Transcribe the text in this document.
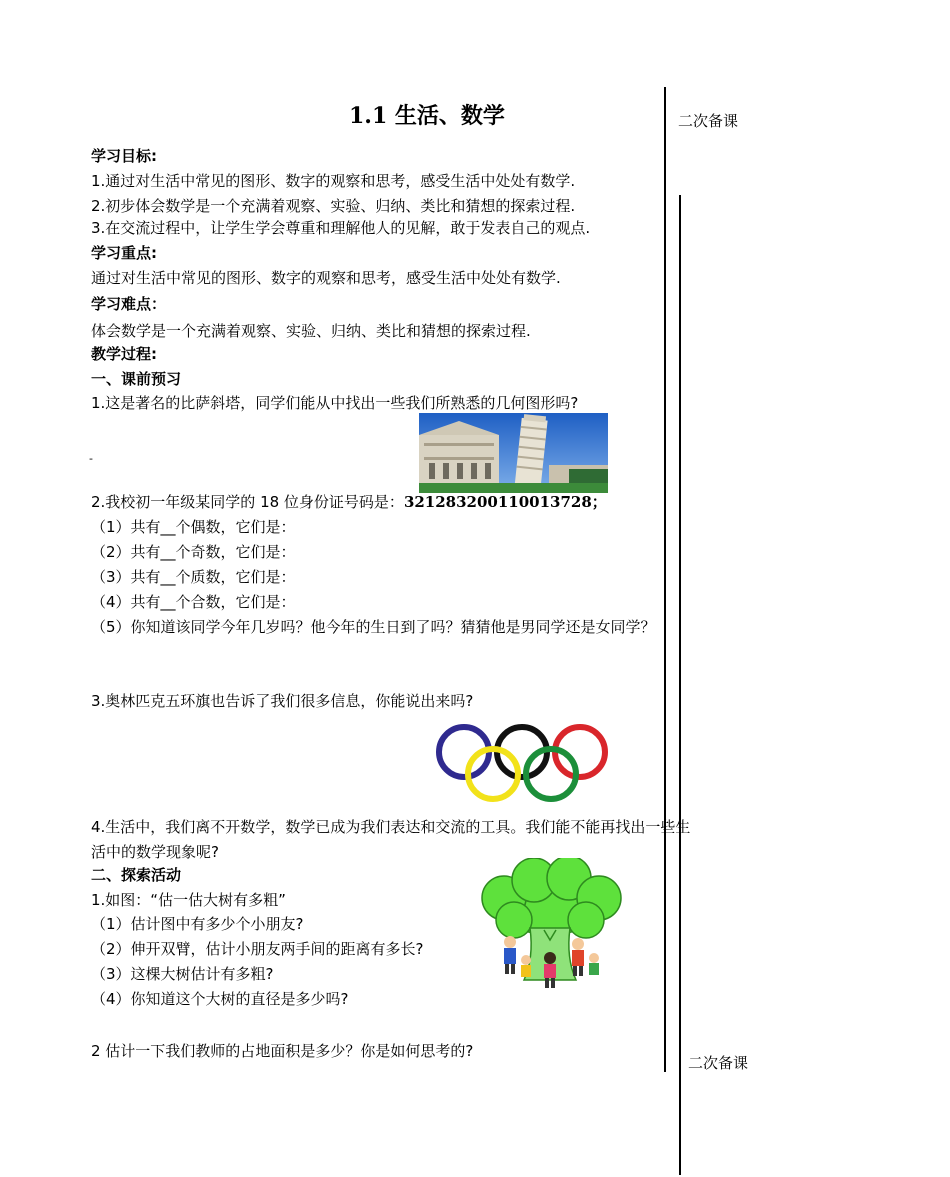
1.1 生活、数学	二次备课
二次备课
学习目标:
1.通过对生活中常见的图形、数字的观察和思考，感受生活中处处有数学.
2.初步体会数学是一个充满着观察、实验、归纳、类比和猜想的探索过程.
3.在交流过程中，让学生学会尊重和理解他人的见解，敢于发表自己的观点.
学习重点:
通过对生活中常见的图形、数字的观察和思考，感受生活中处处有数学.
学习难点：
体会数学是一个充满着观察、实验、归纳、类比和猜想的探索过程.
教学过程:
一、课前预习
1.这是著名的比萨斜塔，同学们能从中找出一些我们所熟悉的几何图形吗?
-
2.我校初一年级某同学的 18 位身份证号码是：321283200110013728；
（1）共有__个偶数，它们是：
（2）共有__个奇数，它们是：
（3）共有__个质数，它们是：
（4）共有__个合数，它们是：
（5）你知道该同学今年几岁吗？他今年的生日到了吗？猜猜他是男同学还是女同学？
3.奥林匹克五环旗也告诉了我们很多信息，你能说出来吗?
4.生活中，我们离不开数学，数学已成为我们表达和交流的工具。我们能不能再找出一些生
活中的数学现象呢?
二、探索活动
1.如图：“估一估大树有多粗”
（1）估计图中有多少个小朋友?
（2）伸开双臂，估计小朋友两手间的距离有多长?
（3）这棵大树估计有多粗?
（4）你知道这个大树的直径是多少吗?
2 估计一下我们教师的占地面积是多少？你是如何思考的?
